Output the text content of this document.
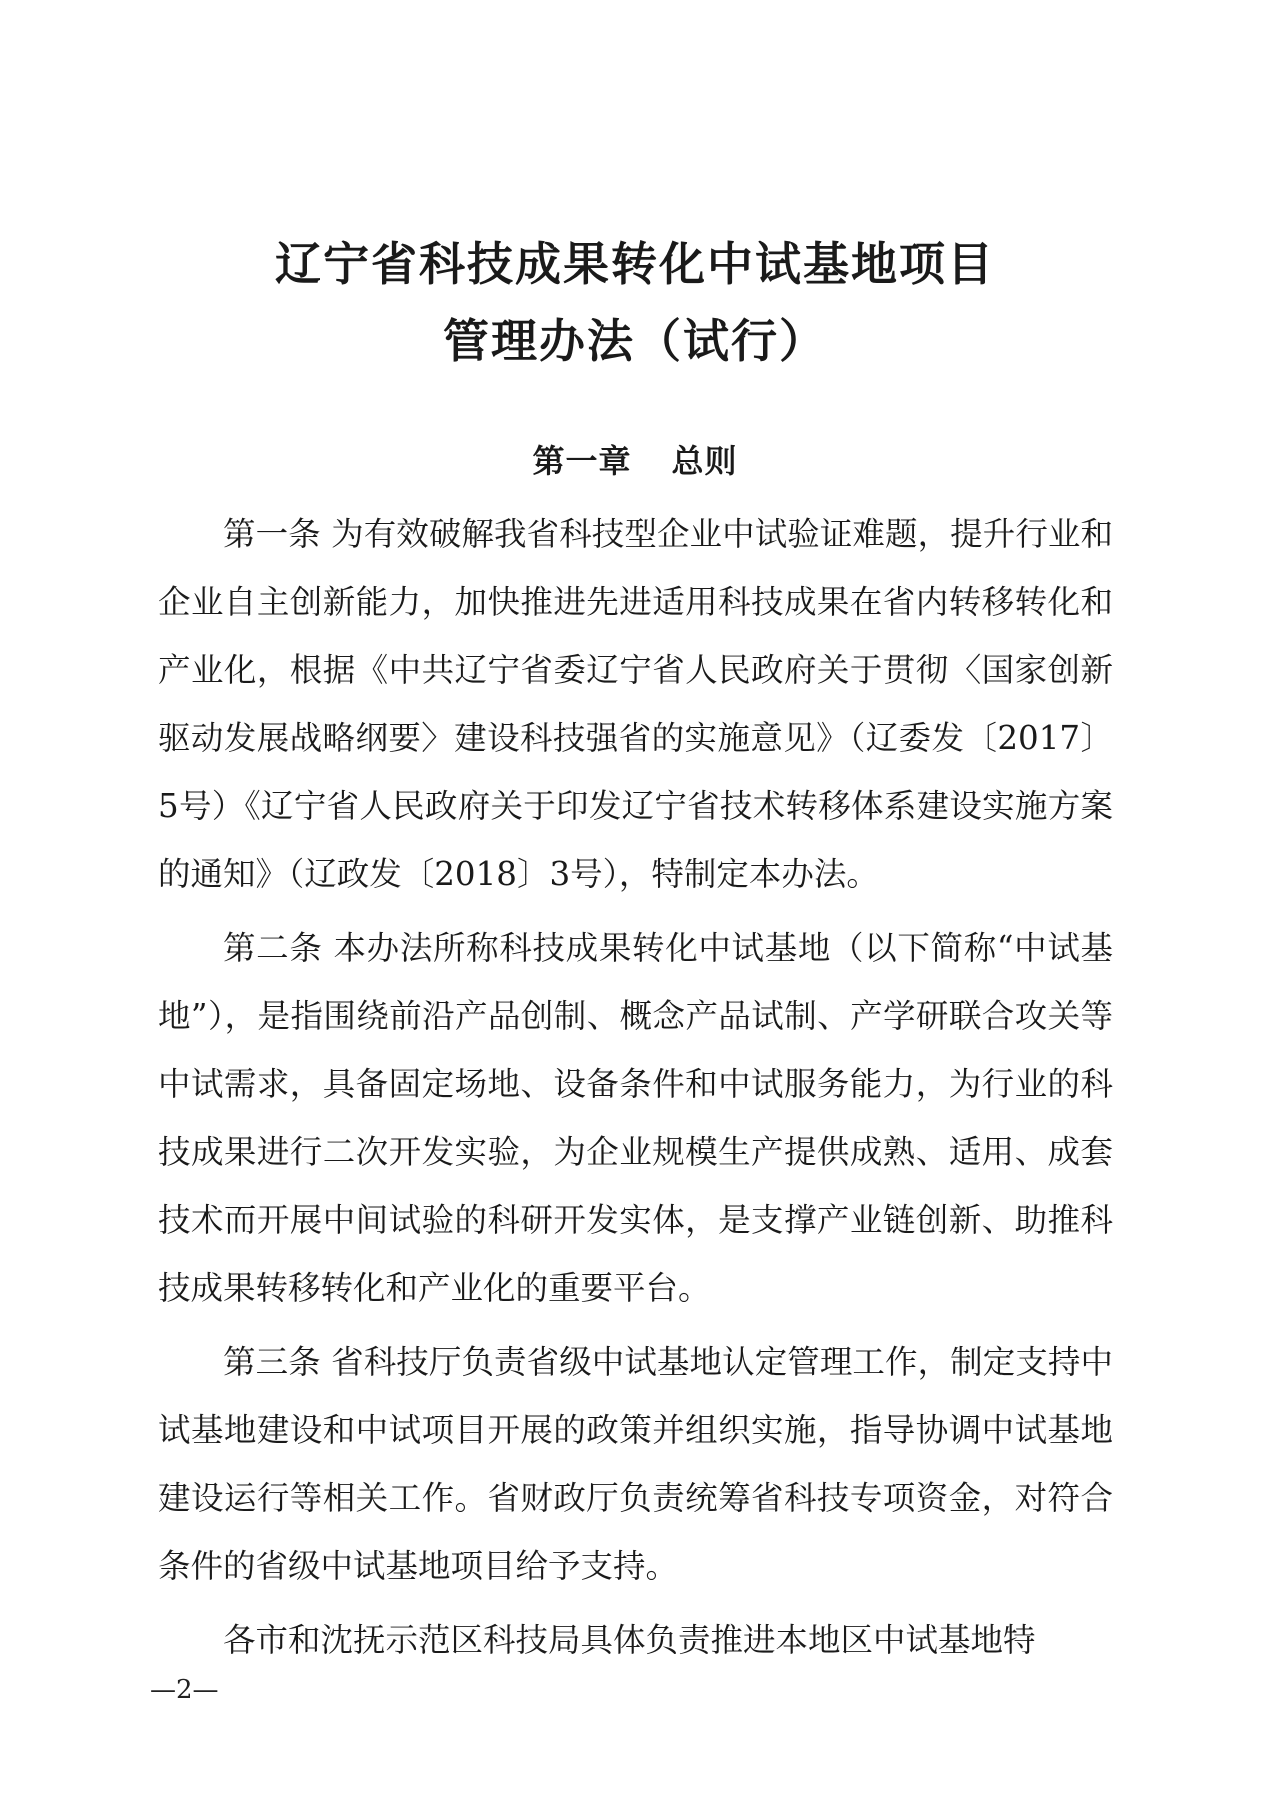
辽宁省科技成果转化中试基地项目
管理办法（试行）
第一章 总则

第一条 为有效破解我省科技型企业中试验证难题，提升行业和企业自主创新能力，加快推进先进适用科技成果在省内转移转化和产业化，根据《中共辽宁省委辽宁省人民政府关于贯彻〈国家创新驱动发展战略纲要〉建设科技强省的实施意见》（辽委发〔2017〕5号）《辽宁省人民政府关于印发辽宁省技术转移体系建设实施方案的通知》（辽政发〔2018〕3号），特制定本办法。

第二条 本办法所称科技成果转化中试基地（以下简称“中试基地”），是指围绕前沿产品创制、概念产品试制、产学研联合攻关等中试需求，具备固定场地、设备条件和中试服务能力，为行业的科技成果进行二次开发实验，为企业规模生产提供成熟、适用、成套技术而开展中间试验的科研开发实体，是支撑产业链创新、助推科技成果转移转化和产业化的重要平台。

第三条 省科技厅负责省级中试基地认定管理工作，制定支持中试基地建设和中试项目开展的政策并组织实施，指导协调中试基地建设运行等相关工作。省财政厅负责统筹省科技专项资金，对符合条件的省级中试基地项目给予支持。

各市和沈抚示范区科技局具体负责推进本地区中试基地特

—2—
